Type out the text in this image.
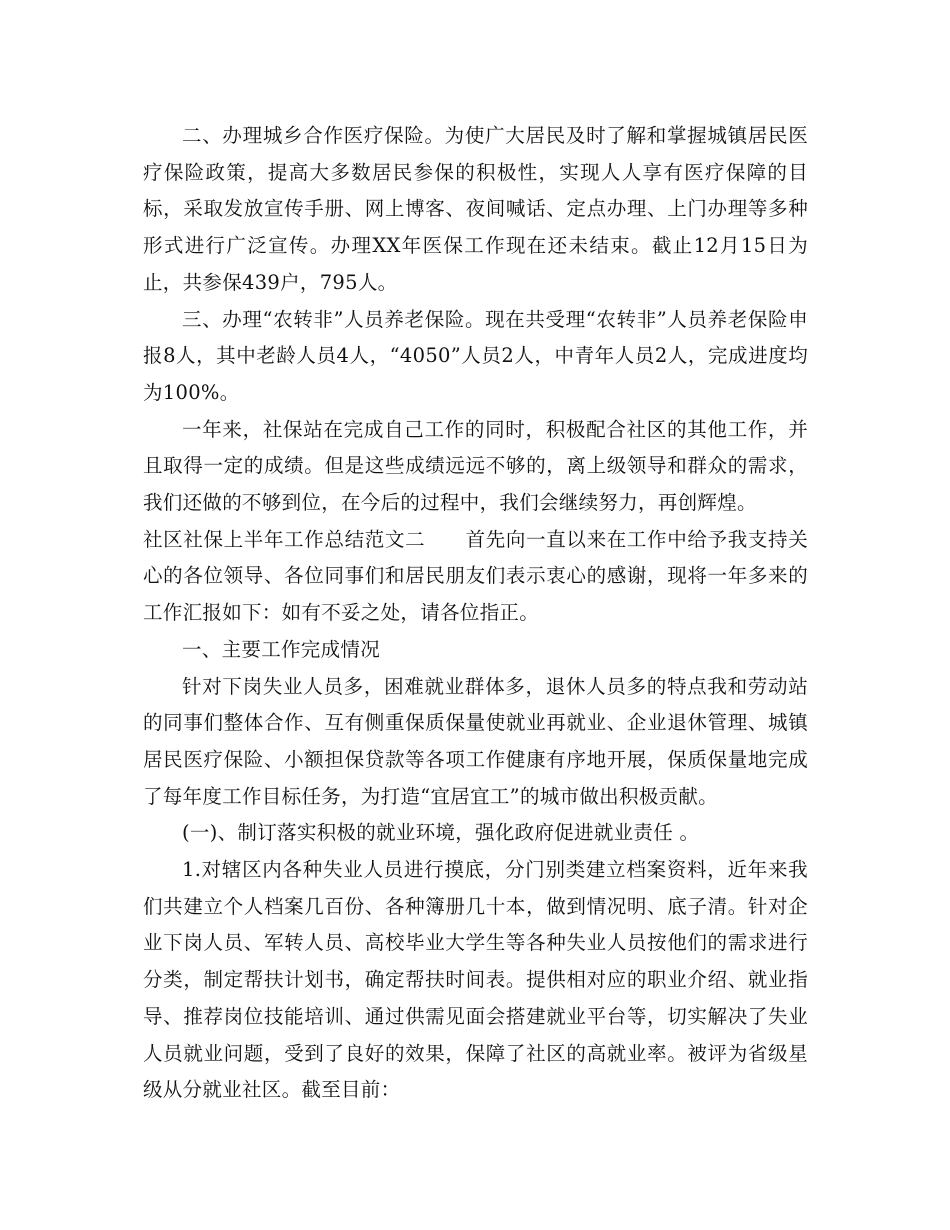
二、办理城乡合作医疗保险。为使广大居民及时了解和掌握城镇居民医疗保险政策，提高大多数居民参保的积极性，实现人人享有医疗保障的目标，采取发放宣传手册、网上博客、夜间喊话、定点办理、上门办理等多种形式进行广泛宣传。办理XX年医保工作现在还未结束。截止12月15日为止，共参保439户，795人。

三、办理“农转非”人员养老保险。现在共受理“农转非”人员养老保险申报8人，其中老龄人员4人，“4050”人员2人，中青年人员2人，完成进度均为100%。

一年来，社保站在完成自己工作的同时，积极配合社区的其他工作，并且取得一定的成绩。但是这些成绩远远不够的，离上级领导和群众的需求，我们还做的不够到位，在今后的过程中，我们会继续努力，再创辉煌。

社区社保上半年工作总结范文二　　首先向一直以来在工作中给予我支持关心的各位领导、各位同事们和居民朋友们表示衷心的感谢，现将一年多来的工作汇报如下：如有不妥之处，请各位指正。

一、主要工作完成情况

针对下岗失业人员多，困难就业群体多，退休人员多的特点我和劳动站的同事们整体合作、互有侧重保质保量使就业再就业、企业退休管理、城镇居民医疗保险、小额担保贷款等各项工作健康有序地开展，保质保量地完成了每年度工作目标任务，为打造“宜居宜工”的城市做出积极贡献。

(一)、制订落实积极的就业环境，强化政府促进就业责任 。

1.对辖区内各种失业人员进行摸底，分门别类建立档案资料，近年来我们共建立个人档案几百份、各种簿册几十本，做到情况明、底子清。针对企业下岗人员、军转人员、高校毕业大学生等各种失业人员按他们的需求进行分类，制定帮扶计划书，确定帮扶时间表。提供相对应的职业介绍、就业指导、推荐岗位技能培训、通过供需见面会搭建就业平台等，切实解决了失业人员就业问题，受到了良好的效果，保障了社区的高就业率。被评为省级星级从分就业社区。截至目前：
